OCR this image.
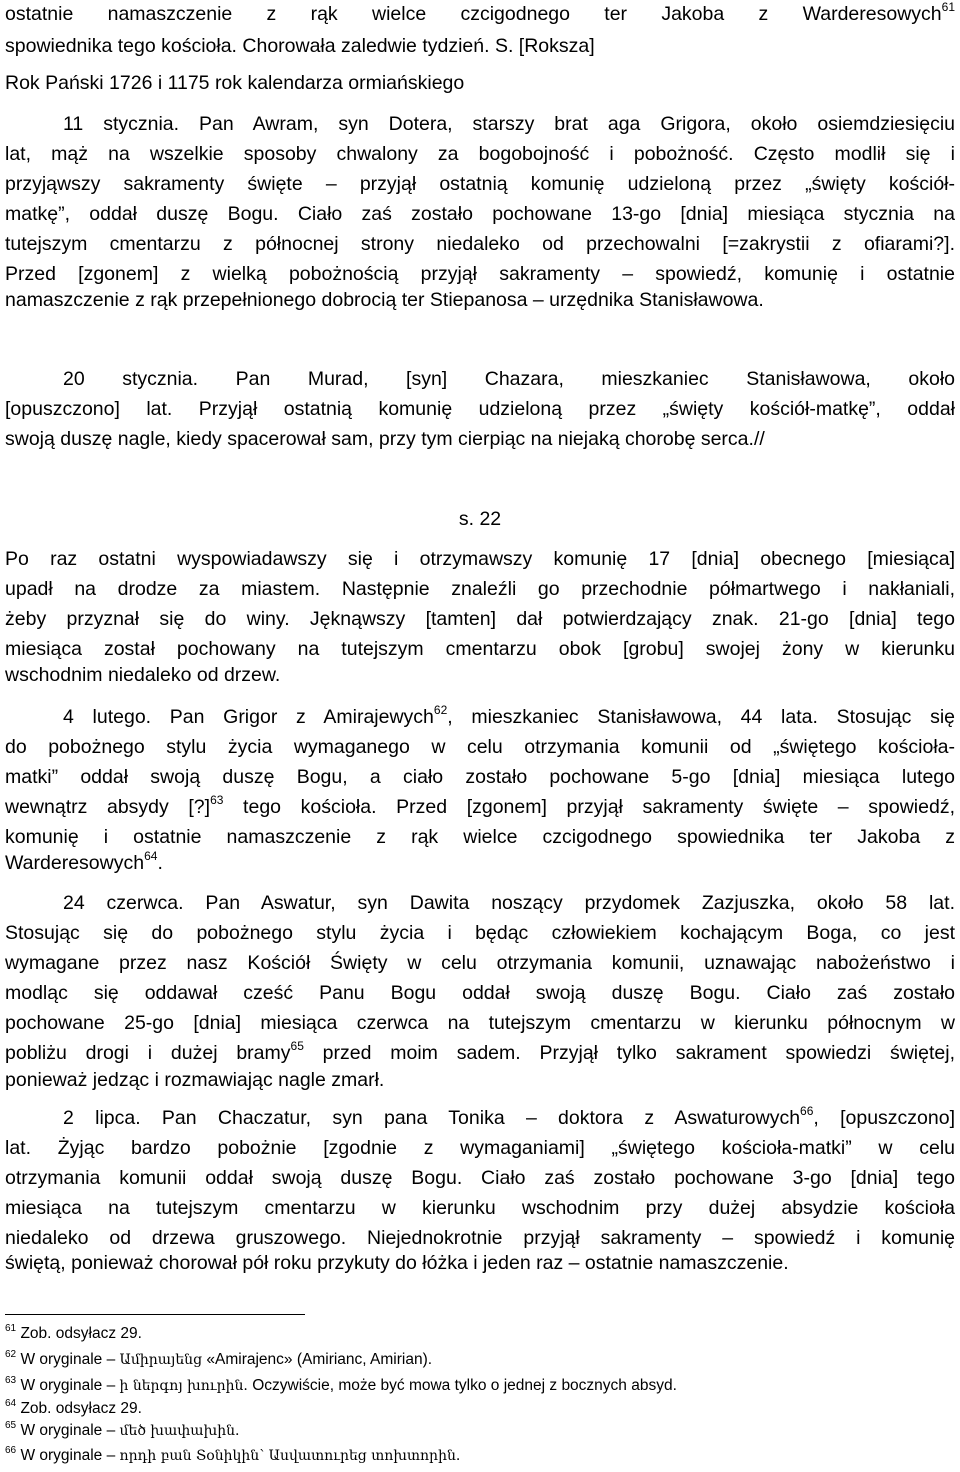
ostatnie namaszczenie z rąk wielce czcigodnego ter Jakoba z Warderesowych$^{61}$
spowiednika tego kościoła. Chorowała zaledwie tydzień. S. [Roksza]
Rok Pański 1726 i 1175 rok kalendarza ormiańskiego
11 stycznia. Pan Awram, syn Dotera, starszy brat aga Grigora, około osiemdziesięciu
lat, mąż na wszelkie sposoby chwalony za bogobojność i pobożność. Często modlił się i
przyjąwszy sakramenty święte – przyjął ostatnią komunię udzieloną przez „święty kościół-
matkę”, oddał duszę Bogu. Ciało zaś zostało pochowane 13-go [dnia] miesiąca stycznia na
tutejszym cmentarzu z północnej strony niedaleko od przechowalni [=zakrystii z ofiarami?].
Przed [zgonem] z wielką pobożnością przyjął sakramenty – spowiedź, komunię i ostatnie
namaszczenie z rąk przepełnionego dobrocią ter Stiepanosa – urzędnika Stanisławowa.
20 stycznia. Pan Murad, [syn] Chazara, mieszkaniec Stanisławowa, około
[opuszczono] lat. Przyjął ostatnią komunię udzieloną przez „święty kościół-matkę”, oddał
swoją duszę nagle, kiedy spacerował sam, przy tym cierpiąc na niejaką chorobę serca.//
s. 22
Po raz ostatni wyspowiadawszy się i otrzymawszy komunię 17 [dnia] obecnego [miesiąca]
upadł na drodze za miastem. Następnie znaleźli go przechodnie półmartwego i nakłaniali,
żeby przyznał się do winy. Jęknąwszy [tamten] dał potwierdzający znak. 21-go [dnia] tego
miesiąca został pochowany na tutejszym cmentarzu obok [grobu] swojej żony w kierunku
wschodnim niedaleko od drzew.
4 lutego. Pan Grigor z Amirajewych$^{62}$, mieszkaniec Stanisławowa, 44 lata. Stosując się
do pobożnego stylu życia wymaganego w celu otrzymania komunii od „świętego kościoła-
matki” oddał swoją duszę Bogu, a ciało zostało pochowane 5-go [dnia] miesiąca lutego
wewnątrz absydy [?]$^{63}$ tego kościoła. Przed [zgonem] przyjął sakramenty święte – spowiedź,
komunię i ostatnie namaszczenie z rąk wielce czcigodnego spowiednika ter Jakoba z
Warderesowych$^{64}$.
24 czerwca. Pan Aswatur, syn Dawita noszący przydomek Zazjuszka, około 58 lat.
Stosując się do pobożnego stylu życia i będąc człowiekiem kochającym Boga, co jest
wymagane przez nasz Kościół Święty w celu otrzymania komunii, uznawając nabożeństwo i
modląc się oddawał cześć Panu Bogu oddał swoją duszę Bogu. Ciało zaś zostało
pochowane 25-go [dnia] miesiąca czerwca na tutejszym cmentarzu w kierunku północnym w
pobliżu drogi i dużej bramy$^{65}$ przed moim sadem. Przyjął tylko sakrament spowiedzi świętej,
ponieważ jedząc i rozmawiając nagle zmarł.
2 lipca. Pan Chaczatur, syn pana Tonika – doktora z Aswaturowych$^{66}$, [opuszczono]
lat. Żyjąc bardzo pobożnie [zgodnie z wymaganiami] „świętego kościoła-matki” w celu
otrzymania komunii oddał swoją duszę Bogu. Ciało zaś zostało pochowane 3-go [dnia] tego
miesiąca na tutejszym cmentarzu w kierunku wschodnim przy dużej absydzie kościoła
niedaleko od drzewa gruszowego. Niejednokrotnie przyjął sakramenty – spowiedź i komunię
świętą, ponieważ chorował pół roku przykuty do łóżka i jeden raz – ostatnie namaszczenie.
$^{61}$ Zob. odsyłacz 29.
$^{62}$ W oryginale – Ամիրայենց «Amirajenc» (Amirianc, Amirian).
$^{63}$ W oryginale – ի ներգոյ խուրին. Oczywiście, może być mowa tylko o jednej z bocznych absyd.
$^{64}$ Zob. odsyłacz 29.
$^{65}$ W oryginale – մեծ խափախին.
$^{66}$ W oryginale – որդի բան Տօնիկին՝ Ասվատուրեց տոխտորին.
